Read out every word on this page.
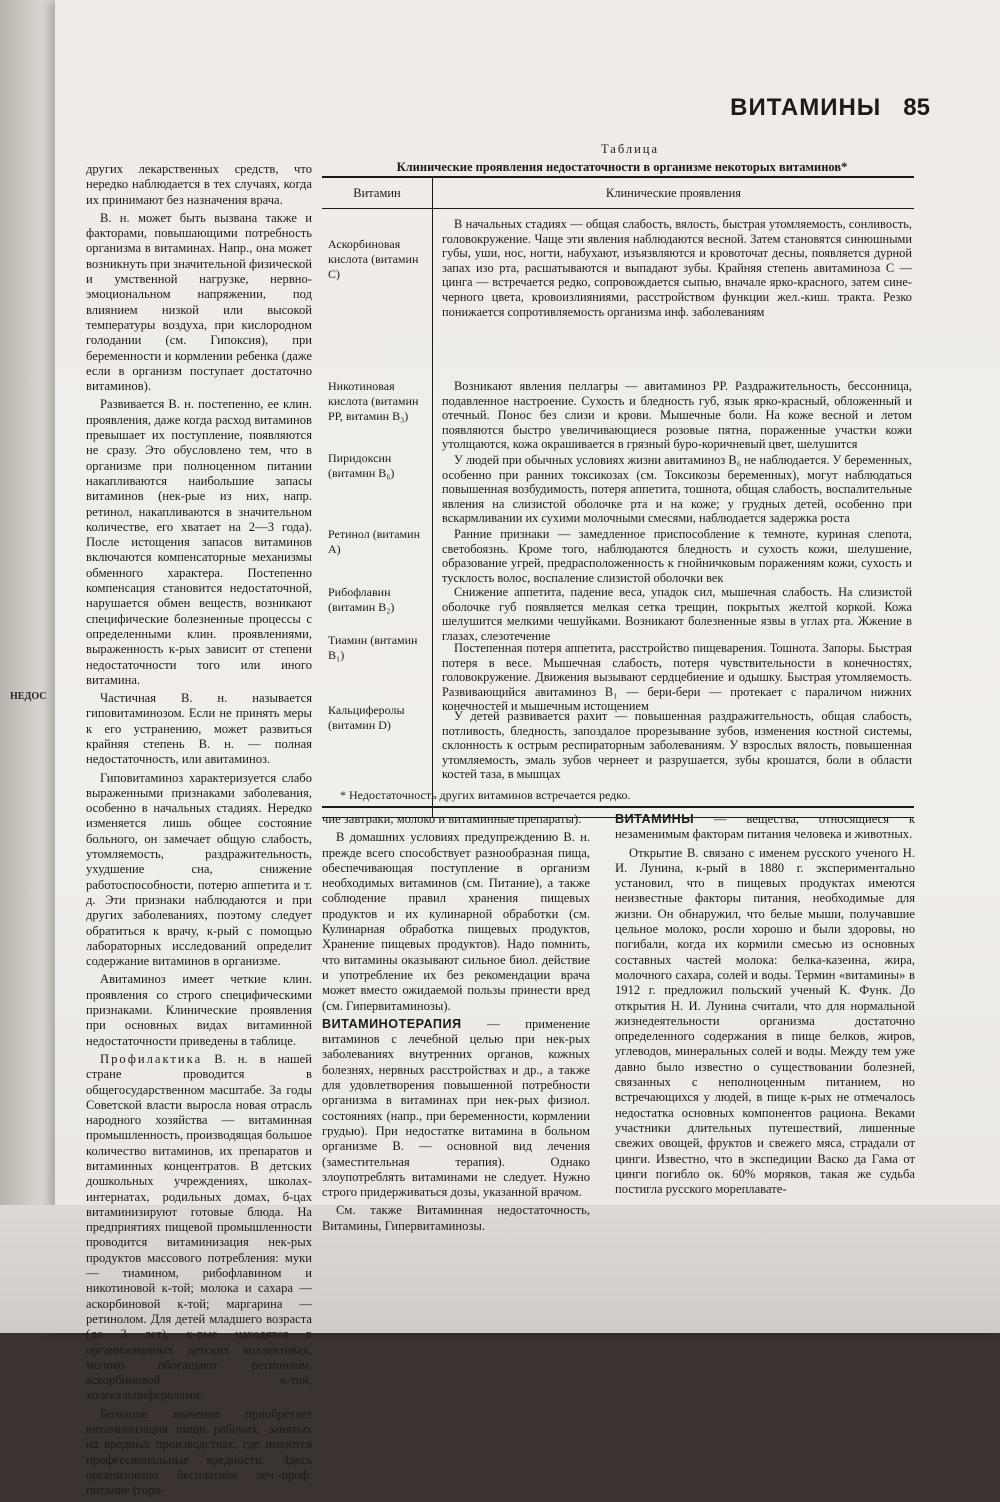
НЕДОС
ВИТАМИНЫ 85

других лекарственных средств, что нередко наблюдается в тех случаях, когда их принимают без назначения врача.

В. н. может быть вызвана также и факторами, повышающими потребность организма в витаминах. Напр., она может возникнуть при значительной физической и умственной нагрузке, нервно-эмоциональном напряжении, под влиянием низкой или высокой температуры воздуха, при кислородном голодании (см. Гипоксия), при беременности и кормлении ребенка (даже если в организм поступает достаточно витаминов).

Развивается В. н. постепенно, ее клин. проявления, даже когда расход витаминов превышает их поступление, появляются не сразу. Это обусловлено тем, что в организме при полноценном питании накапливаются наибольшие запасы витаминов (нек-рые из них, напр. ретинол, накапливаются в значительном количестве, его хватает на 2—3 года). После истощения запасов витаминов включаются компенсаторные механизмы обменного характера. Постепенно компенсация становится недостаточной, нарушается обмен веществ, возникают специфические болезненные процессы с определенными клин. проявлениями, выраженность к-рых зависит от степени недостаточности того или иного витамина.

Частичная В. н. называется гиповитаминозом. Если не принять меры к его устранению, может развиться крайняя степень В. н. — полная недостаточность, или авитаминоз.

Гиповитаминоз характеризуется слабо выраженными признаками заболевания, особенно в начальных стадиях. Нередко изменяется лишь общее состояние больного, он замечает общую слабость, утомляемость, раздражительность, ухудшение сна, снижение работоспособности, потерю аппетита и т. д. Эти признаки наблюдаются и при других заболеваниях, поэтому следует обратиться к врачу, к-рый с помощью лабораторных исследований определит содержание витаминов в организме.

Авитаминоз имеет четкие клин. проявления со строго специфическими признаками. Клинические проявления при основных видах витаминной недостаточности приведены в таблице.

Профилактика В. н. в нашей стране проводится в общегосударственном масштабе. За годы Советской власти выросла новая отрасль народного хозяйства — витаминная промышленность, производящая большое количество витаминов, их препаратов и витаминных концентратов. В детских дошкольных учреждениях, школах-интернатах, родильных домах, б-цах витаминизируют готовые блюда. На предприятиях пищевой промышленности проводится витаминизация нек-рых продуктов массового потребления: муки — тиамином, рибофлавином и никотиновой к-той; молока и сахара — аскорбиновой к-той; маргарина — ретинолом. Для детей младшего возраста (до 3 лет), к-рые находятся в организованных детских коллективах, молоко обогащают ретинолом, аскорбиновой к-той, холекальциферолами.

Большое значение приобретает витаминизация пищи рабочих, занятых на вредных производствах, где имеются профессиональные вредности. Здесь организовано бесплатное леч.-проф. питание (горя-

Таблица
Клинические проявления недостаточности в организме некоторых витаминов*
Витамин	Клинические проявления
Аскорбиновая кислота (витамин С)

В начальных стадиях — общая слабость, вялость, быстрая утомляемость, сонливость, головокружение. Чаще эти явления наблюдаются весной. Затем становятся синюшными губы, уши, нос, ногти, набухают, изъязвляются и кровоточат десны, появляется дурной запах изо рта, расшатываются и выпадают зубы. Крайняя степень авитаминоза С — цинга — встречается редко, сопровождается сыпью, вначале ярко-красного, затем сине-черного цвета, кровоизлияниями, расстройством функции жел.-киш. тракта. Резко понижается сопротивляемость организма инф. заболеваниям

Никотиновая кислота (витамин РР, витамин B₃)

Возникают явления пеллагры — авитаминоз РР. Раздражительность, бессонница, подавленное настроение. Сухость и бледность губ, язык ярко-красный, обложенный и отечный. Понос без слизи и крови. Мышечные боли. На коже весной и летом появляются быстро увеличивающиеся розовые пятна, пораженные участки кожи утолщаются, кожа окрашивается в грязный буро-коричневый цвет, шелушится

Пиридоксин (витамин B₆)

У людей при обычных условиях жизни авитаминоз B₆ не наблюдается. У беременных, особенно при ранних токсикозах (см. Токсикозы беременных), могут наблюдаться повышенная возбудимость, потеря аппетита, тошнота, общая слабость, воспалительные явления на слизистой оболочке рта и на коже; у грудных детей, особенно при вскармливании их сухими молочными смесями, наблюдается задержка роста

Ретинол (витамин А)

Ранние признаки — замедленное приспособление к темноте, куриная слепота, светобоязнь. Кроме того, наблюдаются бледность и сухость кожи, шелушение, образование угрей, предрасположенность к гнойничковым поражениям кожи, сухость и тусклость волос, воспаление слизистой оболочки век

Рибофлавин (витамин B₂)

Снижение аппетита, падение веса, упадок сил, мышечная слабость. На слизистой оболочке губ появляется мелкая сетка трещин, покрытых желтой коркой. Кожа шелушится мелкими чешуйками. Возникают болезненные язвы в углах рта. Жжение в глазах, слезотечение

Тиамин (витамин B₁)	Постепенная потеря аппетита, расстройство пищеварения. Тошнота. Запоры. Быстрая потеря в весе. Мышечная слабость, потеря чувствительности в конечностях, головокружение. Движения вызывают сердцебиение и одышку. Быстрая утомляемость. Развивающийся авитаминоз B₁ — бери-бери — протекает с параличом нижних конечностей и мышечным истощением

Кальциферолы (витамин D)

У детей развивается рахит — повышенная раздражительность, общая слабость, потливость, бледность, запоздалое прорезывание зубов, изменения костной системы, склонность к острым респираторным заболеваниям. У взрослых вялость, повышенная утомляемость, эмаль зубов чернеет и разрушается, зубы крошатся, боли в области костей таза, в мышцах

* Недостаточность других витаминов встречается редко.

чие завтраки, молоко и витаминные препараты).

В домашних условиях предупреждению В. н. прежде всего способствует разнообразная пища, обеспечивающая поступление в организм необходимых витаминов (см. Питание), а также соблюдение правил хранения пищевых продуктов и их кулинарной обработки (см. Кулинарная обработка пищевых продуктов, Хранение пищевых продуктов). Надо помнить, что витамины оказывают сильное биол. действие и употребление их без рекомендации врача может вместо ожидаемой пользы принести вред (см. Гипервитаминозы).

ВИТАМИНОТЕРАПИЯ — применение витаминов с лечебной целью при нек-рых заболеваниях внутренних органов, кожных болезнях, нервных расстройствах и др., а также для удовлетворения повышенной потребности организма в витаминах при нек-рых физиол. состояниях (напр., при беременности, кормлении грудью). При недостатке витамина в больном организме В. — основной вид лечения (заместительная терапия). Однако злоупотреблять витаминами не следует. Нужно строго придерживаться дозы, указанной врачом.

См. также Витаминная недостаточность, Витамины, Гипервитаминозы.

ВИТАМИНЫ — вещества, относящиеся к незаменимым факторам питания человека и животных.

Открытие В. связано с именем русского ученого Н. И. Лунина, к-рый в 1880 г. экспериментально установил, что в пищевых продуктах имеются неизвестные факторы питания, необходимые для жизни. Он обнаружил, что белые мыши, получавшие цельное молоко, росли хорошо и были здоровы, но погибали, когда их кормили смесью из основных составных частей молока: белка-казеина, жира, молочного сахара, солей и воды. Термин «витамины» в 1912 г. предложил польский ученый К. Функ. До открытия Н. И. Лунина считали, что для нормальной жизнедеятельности организма достаточно определенного содержания в пище белков, жиров, углеводов, минеральных солей и воды. Между тем уже давно было известно о существовании болезней, связанных с неполноценным питанием, но встречающихся у людей, в пище к-рых не отмечалось недостатка основных компонентов рациона. Веками участники длительных путешествий, лишенные свежих овощей, фруктов и свежего мяса, страдали от цинги. Известно, что в экспедиции Васко да Гама от цинги погибло ок. 60% моряков, такая же судьба постигла русского мореплавате-
